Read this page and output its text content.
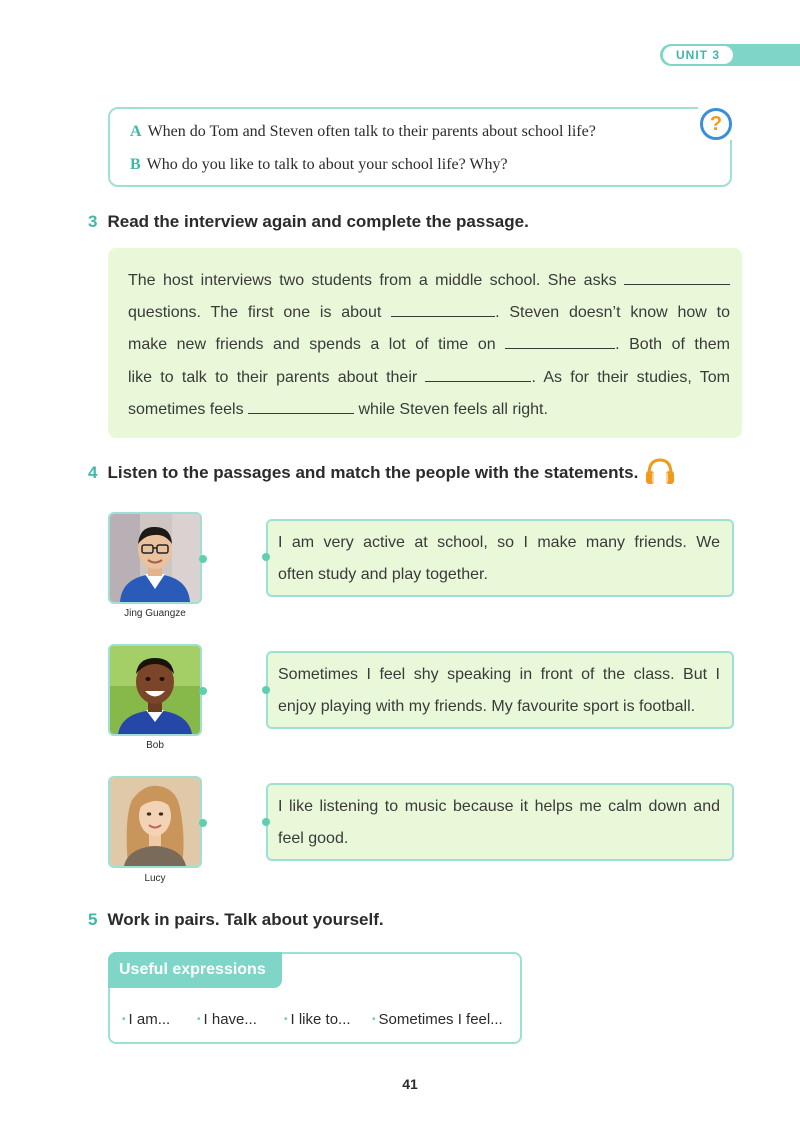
UNIT 3
A When do Tom and Steven often talk to their parents about school life?
B Who do you like to talk to about your school life? Why?
?
3 Read the interview again and complete the passage.
The host interviews two students from a middle school. She asks
questions. The first one is about	. Steven doesn’t know how to
make new friends and spends a lot of time on	. Both of them
like to talk to their parents about their	. As for their studies, Tom
sometimes feels	while Steven feels all right.
4 Listen to the passages and match the people with the statements.
Jing Guangze
I am very active at school, so I make many friends. We
often study and play together.
Bob
Sometimes I feel shy speaking in front of the class. But I
enjoy playing with my friends. My favourite sport is football.
Lucy
I like listening to music because it helps me calm down and
feel good.
5 Work in pairs. Talk about yourself.
Useful expressions
• I am...	• I have...	• I like to... • Sometimes I feel...
41
